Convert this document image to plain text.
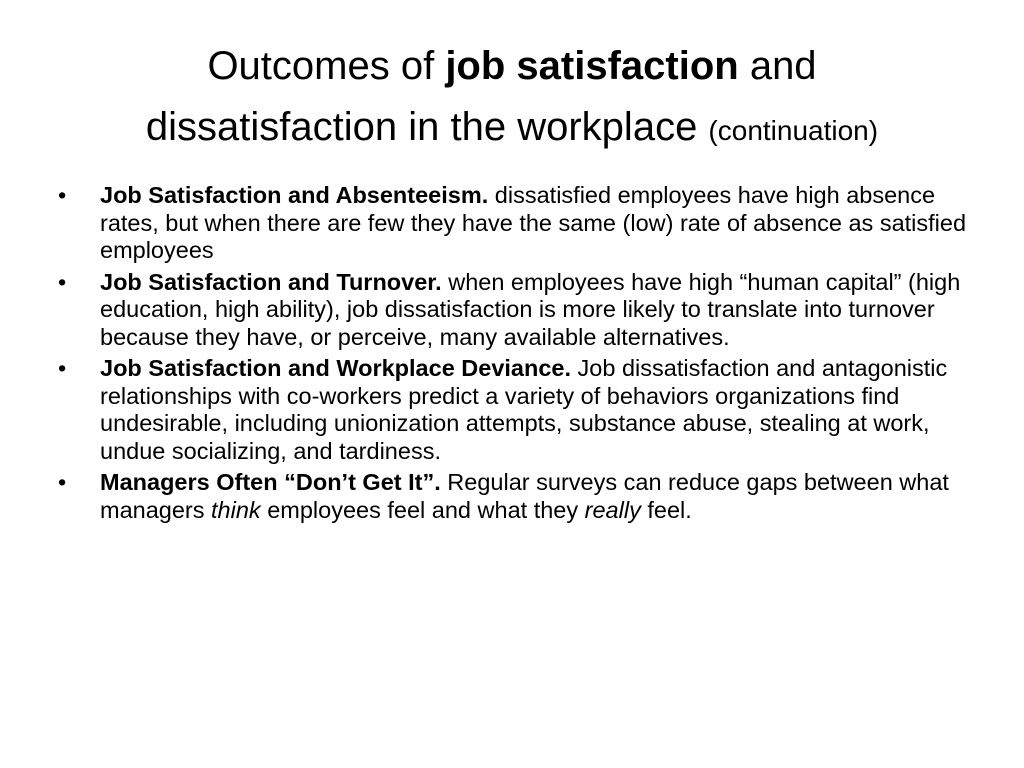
Outcomes of job satisfaction and
dissatisfaction in the workplace (continuation)
•	Job Satisfaction and Absenteeism. dissatisfied employees have high absence rates, but when there are few they have the same (low) rate of absence as satisfied employees
•	Job Satisfaction and Turnover. when employees have high “human capital” (high education, high ability), job dissatisfaction is more likely to translate into turnover because they have, or perceive, many available alternatives.
•	Job Satisfaction and Workplace Deviance. Job dissatisfaction and antagonistic relationships with co-workers predict a variety of behaviors organizations find undesirable, including unionization attempts, substance abuse, stealing at work, undue socializing, and tardiness.
•	Managers Often “Don’t Get It”. Regular surveys can reduce gaps between what managers think employees feel and what they really feel.
